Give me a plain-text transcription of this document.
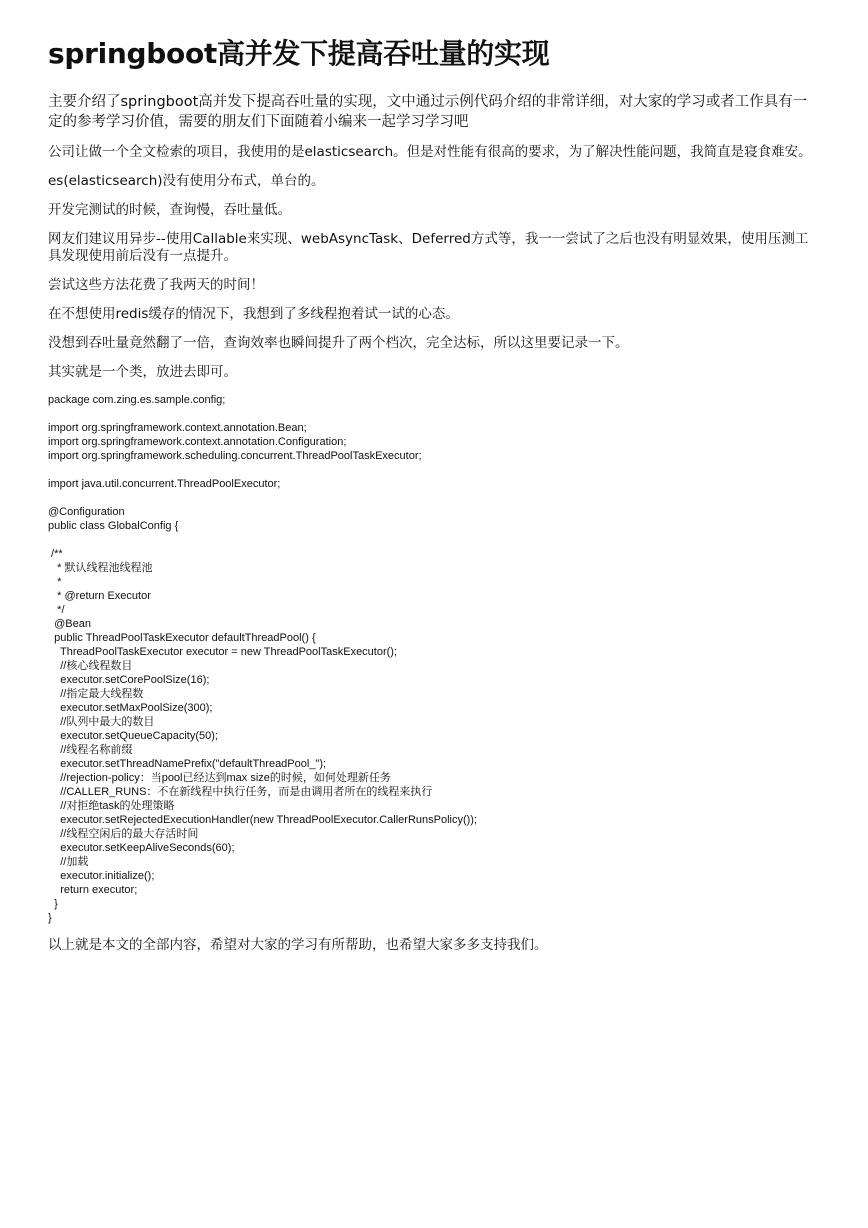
springboot高并发下提高吞吐量的实现

主要介绍了springboot高并发下提高吞吐量的实现，文中通过示例代码介绍的非常详细，对大家的学习或者工作具有一定的参考学习价值，需要的朋友们下面随着小编来一起学习学习吧

公司让做一个全文检索的项目，我使用的是elasticsearch。但是对性能有很高的要求，为了解决性能问题，我简直是寝食难安。

es(elasticsearch)没有使用分布式，单台的。

开发完测试的时候，查询慢，吞吐量低。

网友们建议用异步--使用Callable来实现、webAsyncTask、Deferred方式等，我一一尝试了之后也没有明显效果，使用压测工具发现使用前后没有一点提升。

尝试这些方法花费了我两天的时间！

在不想使用redis缓存的情况下，我想到了多线程抱着试一试的心态。

没想到吞吐量竟然翻了一倍，查询效率也瞬间提升了两个档次，完全达标，所以这里要记录一下。

其实就是一个类，放进去即可。

package com.zing.es.sample.config;
import org.springframework.context.annotation.Bean;
import org.springframework.context.annotation.Configuration;
import org.springframework.scheduling.concurrent.ThreadPoolTaskExecutor;
import java.util.concurrent.ThreadPoolExecutor;
@Configuration
public class GlobalConfig {
/**
* 默认线程池线程池
*
* @return Executor
*/
@Bean
public ThreadPoolTaskExecutor defaultThreadPool() {
ThreadPoolTaskExecutor executor = new ThreadPoolTaskExecutor();
//核心线程数目
executor.setCorePoolSize(16);
//指定最大线程数
executor.setMaxPoolSize(300);
//队列中最大的数目
executor.setQueueCapacity(50);
//线程名称前缀
executor.setThreadNamePrefix("defaultThreadPool_");
//rejection-policy：当pool已经达到max size的时候，如何处理新任务
//CALLER_RUNS：不在新线程中执行任务，而是由调用者所在的线程来执行
//对拒绝task的处理策略
executor.setRejectedExecutionHandler(new ThreadPoolExecutor.CallerRunsPolicy());
//线程空闲后的最大存活时间
executor.setKeepAliveSeconds(60);
//加载
executor.initialize();
return executor;
}
}

以上就是本文的全部内容，希望对大家的学习有所帮助，也希望大家多多支持我们。
